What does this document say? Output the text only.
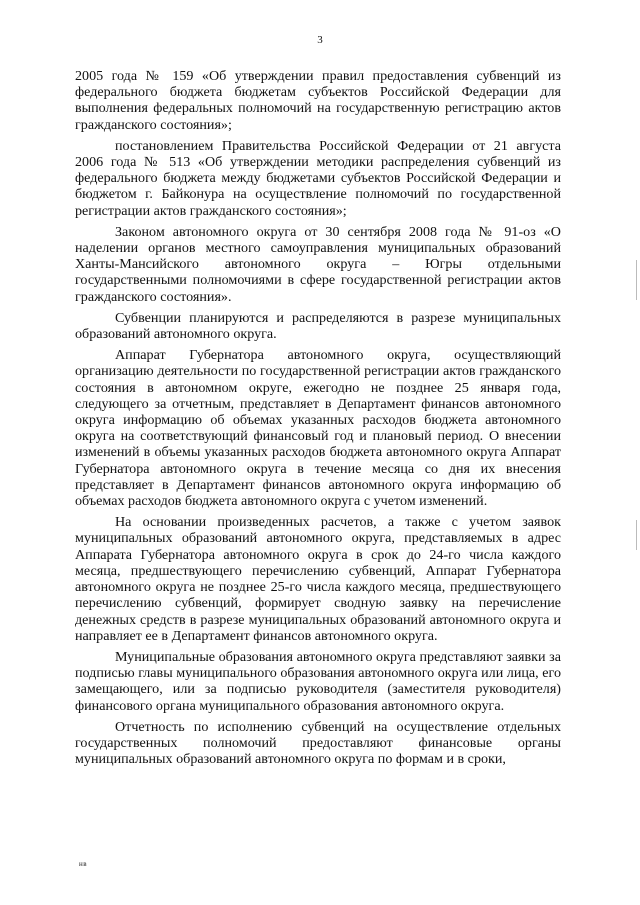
3

2005 года № 159 «Об утверждении правил предоставления субвенций из федерального бюджета бюджетам субъектов Российской Федерации для выполнения федеральных полномочий на государственную регистрацию актов гражданского состояния»;

постановлением Правительства Российской Федерации от 21 августа 2006 года № 513 «Об утверждении методики распределения субвенций из федерального бюджета между бюджетами субъектов Российской Федерации и бюджетом г. Байконура на осуществление полномочий по государственной регистрации актов гражданского состояния»;

Законом автономного округа от 30 сентября 2008 года № 91-оз «О наделении органов местного самоуправления муниципальных образований Ханты-Мансийского автономного округа – Югры отдельными государственными полномочиями в сфере государственной регистрации актов гражданского состояния».

Субвенции планируются и распределяются в разрезе муниципальных образований автономного округа.

Аппарат Губернатора автономного округа, осуществляющий организацию деятельности по государственной регистрации актов гражданского состояния в автономном округе, ежегодно не позднее 25 января года, следующего за отчетным, представляет в Департамент финансов автономного округа информацию об объемах указанных расходов бюджета автономного округа на соответствующий финансовый год и плановый период. О внесении изменений в объемы указанных расходов бюджета автономного округа Аппарат Губернатора автономного округа в течение месяца со дня их внесения представляет в Департамент финансов автономного округа информацию об объемах расходов бюджета автономного округа с учетом изменений.

На основании произведенных расчетов, а также с учетом заявок муниципальных образований автономного округа, представляемых в адрес Аппарата Губернатора автономного округа в срок до 24-го числа каждого месяца, предшествующего перечислению субвенций, Аппарат Губернатора автономного округа не позднее 25-го числа каждого месяца, предшествующего перечислению субвенций, формирует сводную заявку на перечисление денежных средств в разрезе муниципальных образований автономного округа и направляет ее в Департамент финансов автономного округа.

Муниципальные образования автономного округа представляют заявки за подписью главы муниципального образования автономного округа или лица, его замещающего, или за подписью руководителя (заместителя руководителя) финансового органа муниципального образования автономного округа.

Отчетность по исполнению субвенций на осуществление отдельных государственных полномочий предоставляют финансовые органы муниципальных образований автономного округа по формам и в сроки,

нв
